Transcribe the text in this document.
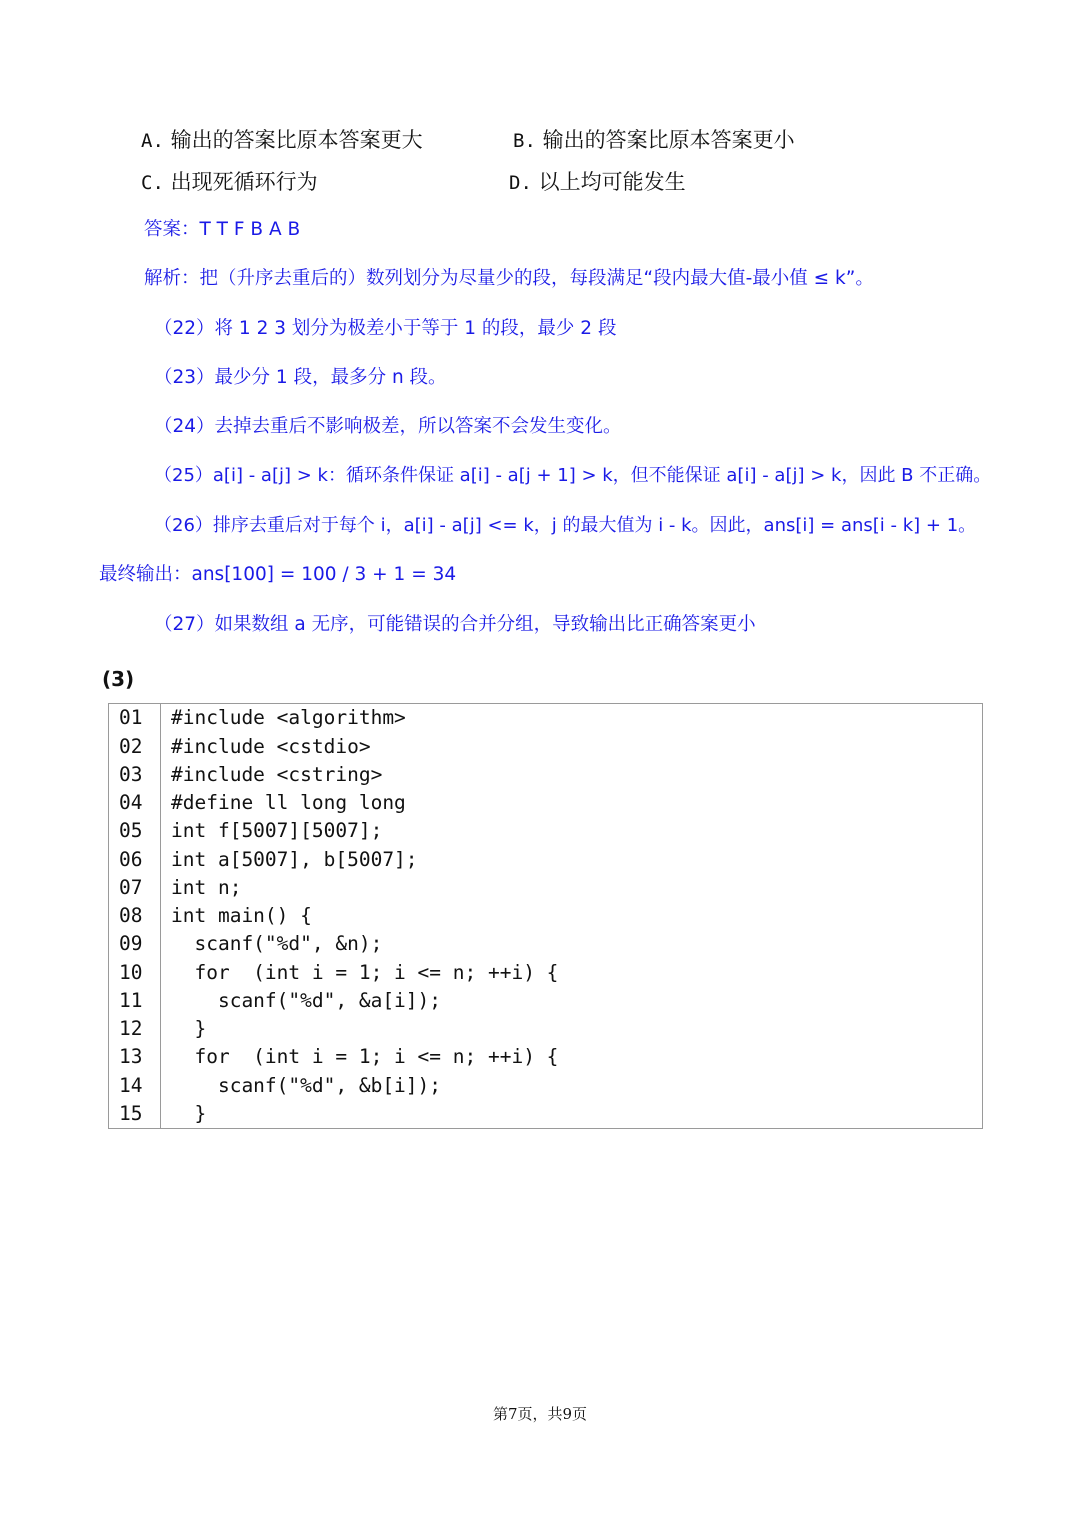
A. 输出的答案比原本答案更大	B. 输出的答案比原本答案更小
C. 出现死循环行为	D. 以上均可能发生
答案：T T F B A B
解析：把（升序去重后的）数列划分为尽量少的段，每段满足“段内最大值-最小值 ≤ k”。
（22）将 1 2 3 划分为极差小于等于 1 的段，最少 2 段
（23）最少分 1 段，最多分 n 段。
（24）去掉去重后不影响极差，所以答案不会发生变化。
（25）a[i] - a[j] > k：循环条件保证 a[i] - a[j + 1] > k，但不能保证 a[i] - a[j] > k，因此 B 不正确。
（26）排序去重后对于每个 i，a[i] - a[j] <= k，j 的最大值为 i - k。因此，ans[i] = ans[i - k] + 1。
最终输出：ans[100] = 100 / 3 + 1 = 34
（27）如果数组 a 无序，可能错误的合并分组，导致输出比正确答案更小
(3)
01	#include <algorithm>
02	#include <cstdio>
03	#include <cstring>
04	#define ll long long
05	int f[5007][5007];
06	int a[5007], b[5007];
07	int n;
08	int main() {
09	scanf("%d", &n);
10	for  (int i = 1; i <= n; ++i) {
11	scanf("%d", &a[i]);
12	}
13	for  (int i = 1; i <= n; ++i) {
14	scanf("%d", &b[i]);
15	}
第7页，共9页
